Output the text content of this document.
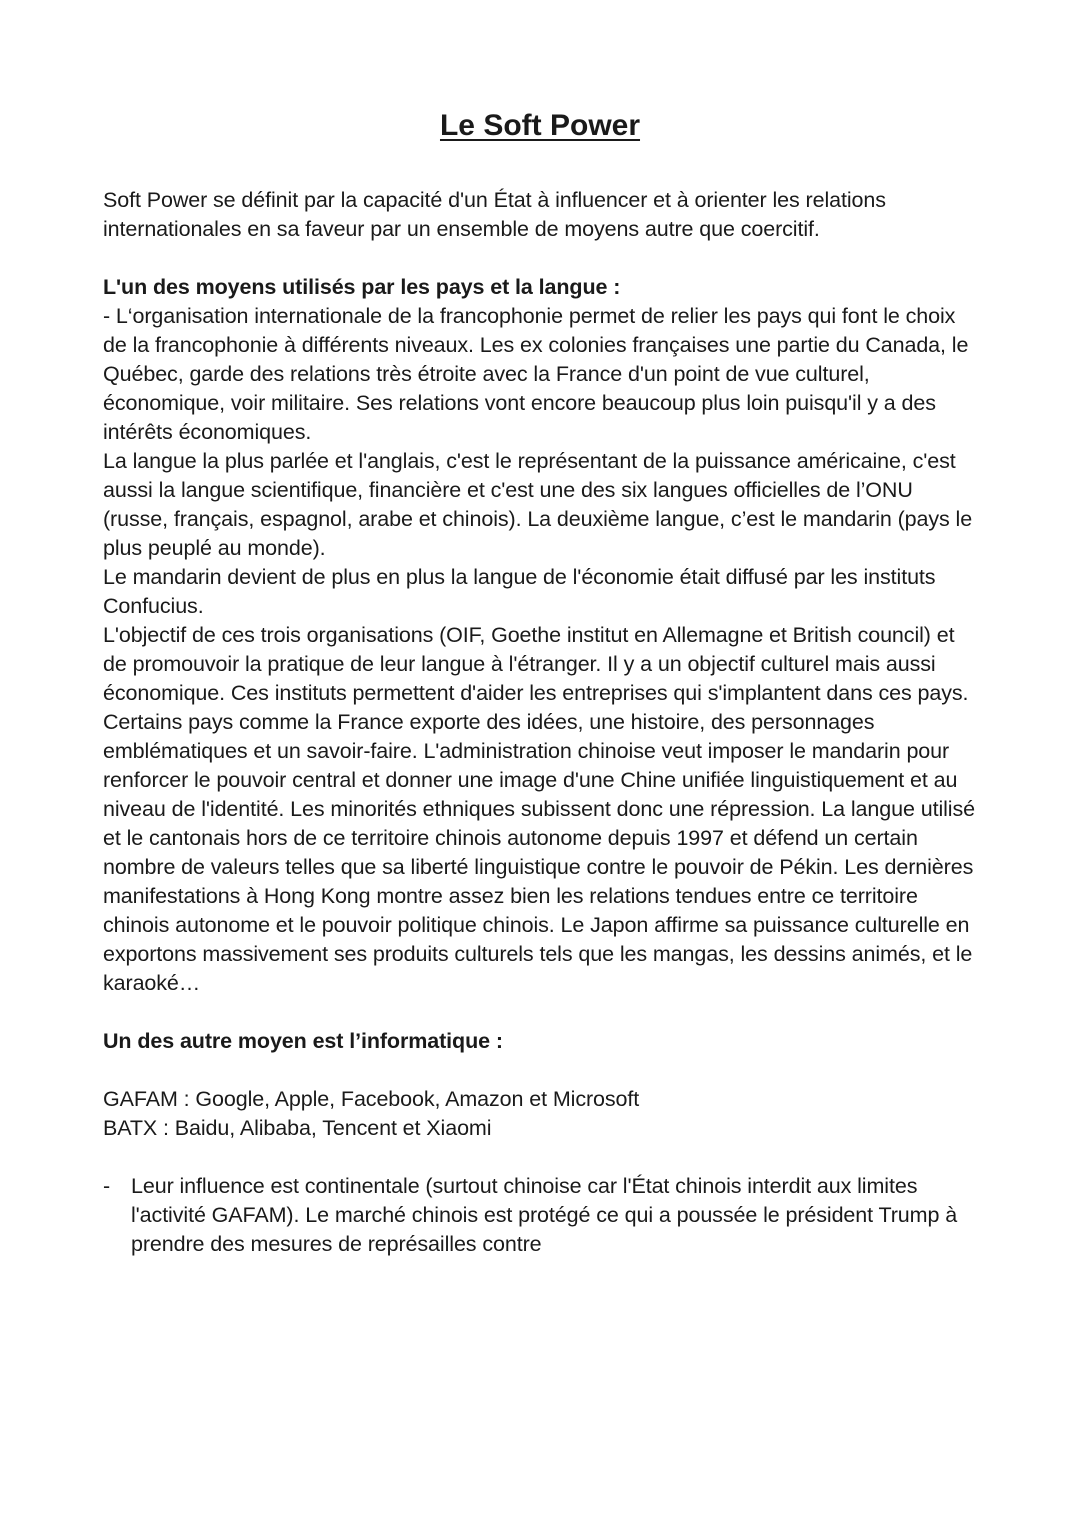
Le Soft Power

Soft Power se définit par la capacité d'un État à influencer et à orienter les relations internationales en sa faveur par un ensemble de moyens autre que coercitif.

L'un des moyens utilisés par les pays et la langue :

- L‘organisation internationale de la francophonie permet de relier les pays qui font le choix de la francophonie à différents niveaux. Les ex colonies françaises une partie du Canada, le Québec, garde des relations très étroite avec la France d'un point de vue culturel, économique, voir militaire. Ses relations vont encore beaucoup plus loin puisqu'il y a des intérêts économiques.

La langue la plus parlée et l'anglais, c'est le représentant de la puissance américaine, c'est aussi la langue scientifique, financière et c'est une des six langues officielles de l’ONU (russe, français, espagnol, arabe et chinois). La deuxième langue, c’est le mandarin (pays le plus peuplé au monde).

Le mandarin devient de plus en plus la langue de l'économie était diffusé par les instituts Confucius.

L'objectif de ces trois organisations (OIF, Goethe institut en Allemagne et British council) et de promouvoir la pratique de leur langue à l'étranger. Il y a un objectif culturel mais aussi économique. Ces instituts permettent d'aider les entreprises qui s'implantent dans ces pays. Certains pays comme la France exporte des idées, une histoire, des personnages emblématiques et un savoir-faire. L'administration chinoise veut imposer le mandarin pour renforcer le pouvoir central et donner une image d'une Chine unifiée linguistiquement et au niveau de l'identité. Les minorités ethniques subissent donc une répression. La langue utilisé et le cantonais hors de ce territoire chinois autonome depuis 1997 et défend un certain nombre de valeurs telles que sa liberté linguistique contre le pouvoir de Pékin. Les dernières manifestations à Hong Kong montre assez bien les relations tendues entre ce territoire chinois autonome et le pouvoir politique chinois. Le Japon affirme sa puissance culturelle en exportons massivement ses produits culturels tels que les mangas, les dessins animés, et le karaoké…

Un des autre moyen est l’informatique :

GAFAM : Google, Apple, Facebook, Amazon et Microsoft

BATX : Baidu, Alibaba, Tencent et Xiaomi

- Leur influence est continentale (surtout chinoise car l'État chinois interdit aux limites l'activité GAFAM). Le marché chinois est protégé ce qui a poussée le président Trump à prendre des mesures de représailles contre
